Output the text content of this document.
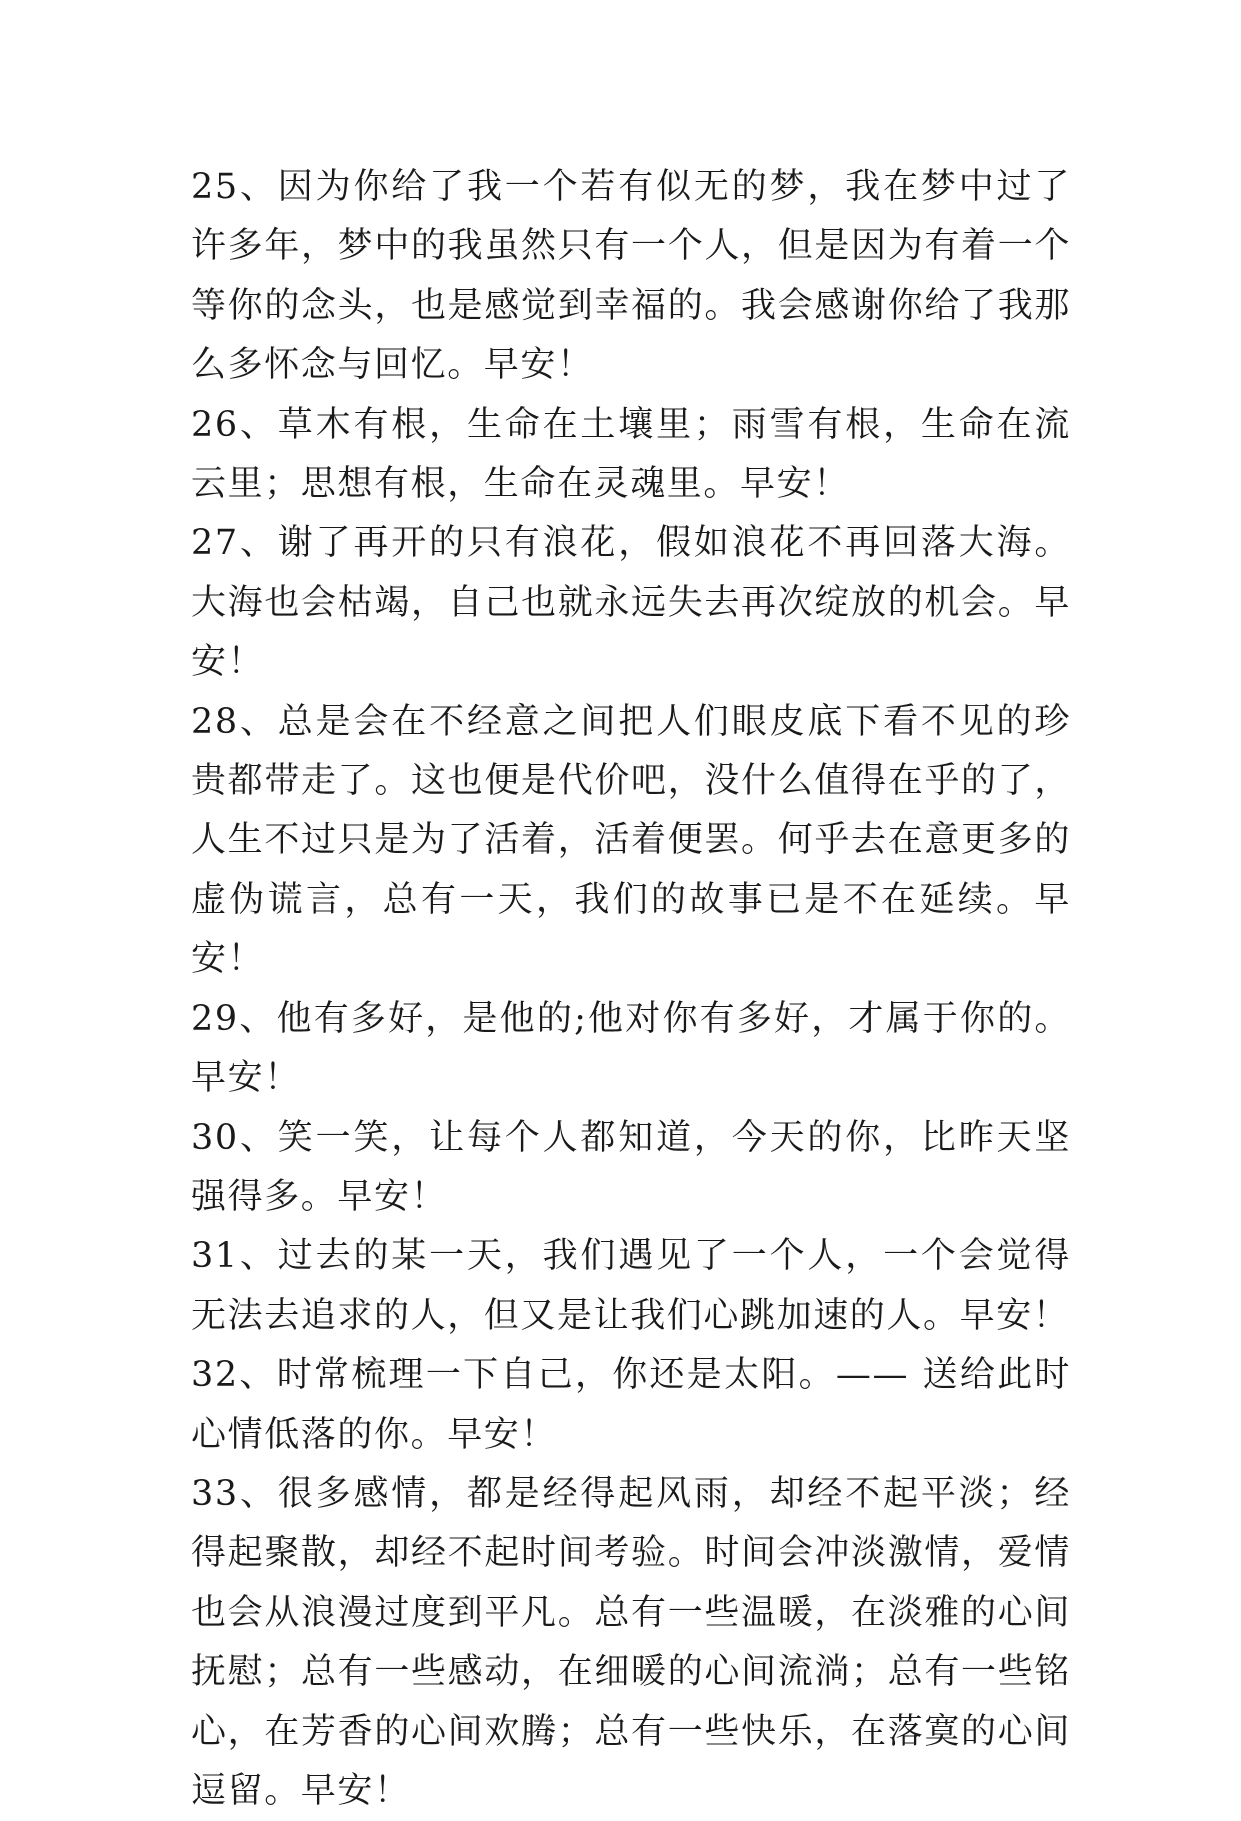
25、因为你给了我一个若有似无的梦，我在梦中过了许多年，梦中的我虽然只有一个人，但是因为有着一个等你的念头，也是感觉到幸福的。我会感谢你给了我那么多怀念与回忆。早安！

26、草木有根，生命在土壤里；雨雪有根，生命在流云里；思想有根，生命在灵魂里。早安！

27、谢了再开的只有浪花，假如浪花不再回落大海。大海也会枯竭，自己也就永远失去再次绽放的机会。早安！

28、总是会在不经意之间把人们眼皮底下看不见的珍贵都带走了。这也便是代价吧，没什么值得在乎的了，人生不过只是为了活着，活着便罢。何乎去在意更多的虚伪谎言，总有一天，我们的故事已是不在延续。早安！

29、他有多好，是他的;他对你有多好，才属于你的。早安！

30、笑一笑，让每个人都知道，今天的你，比昨天坚强得多。早安！

31、过去的某一天，我们遇见了一个人，一个会觉得无法去追求的人，但又是让我们心跳加速的人。早安！

32、时常梳理一下自己，你还是太阳。—— 送给此时心情低落的你。早安！

33、很多感情，都是经得起风雨，却经不起平淡；经得起聚散，却经不起时间考验。时间会冲淡激情，爱情也会从浪漫过度到平凡。总有一些温暖，在淡雅的心间抚慰；总有一些感动，在细暖的心间流淌；总有一些铭心，在芳香的心间欢腾；总有一些快乐，在落寞的心间逗留。早安！
